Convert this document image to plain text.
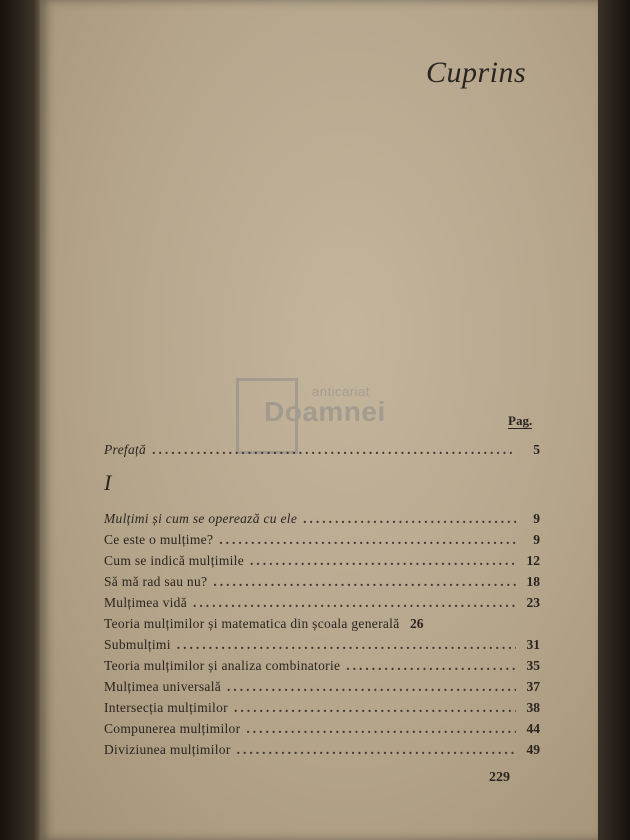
Cuprins
anticariat
Doamnei	Pag.
Prefață .....	5
I
Mulțimi și cum se operează cu ele .....	9
Ce este o mulțime? .....	9
Cum se indică mulțimile .....	12
Să mă rad sau nu? .....	18
Mulțimea vidă .....	23
Teoria mulțimilor și matematica din școala generală 26
Submulțimi .....	31
Teoria mulțimilor și analiza combinatorie .....	35
Mulțimea universală .....	37
Intersecția mulțimilor .....	38
Compunerea mulțimilor .....	44
Diviziunea mulțimilor .....	49
229
